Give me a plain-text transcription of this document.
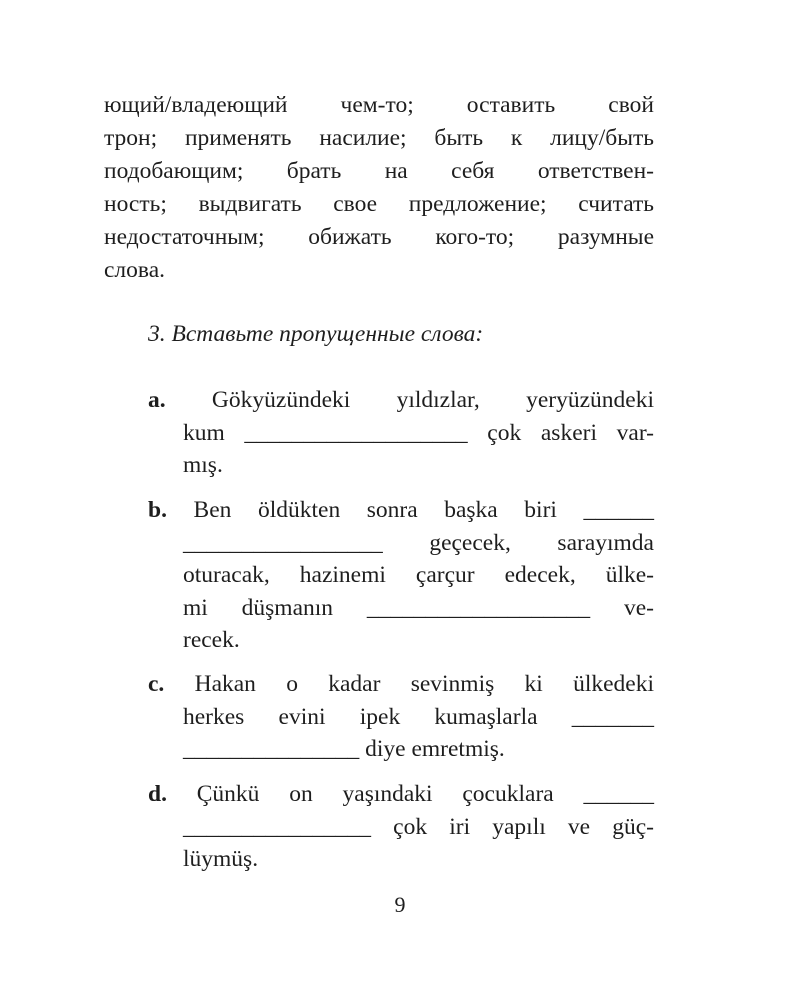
ющий/владеющий чем-то; оставить свой
трон; применять насилие; быть к лицу/быть
подобающим; брать на себя ответствен-
ность; выдвигать свое предложение; считать
недостаточным; обижать кого-то; разумные
слова.
3. Вставьте пропущенные слова:
a. Gökyüzündeki yıldızlar, yeryüzündeki
kum ___________________ çok askeri var-
mış.
b. Ben öldükten sonra başka biri ______
_________________ geçecek, sarayımda
oturacak, hazinemi çarçur edecek, ülke-
mi düşmanın ___________________ ve-
recek.
c. Hakan o kadar sevinmiş ki ülkedeki
herkes evini ipek kumaşlarla _______
_______________ diye emretmiş.
d. Çünkü on yaşındaki çocuklara ______
________________ çok iri yapılı ve güç-
lüymüş.
9
